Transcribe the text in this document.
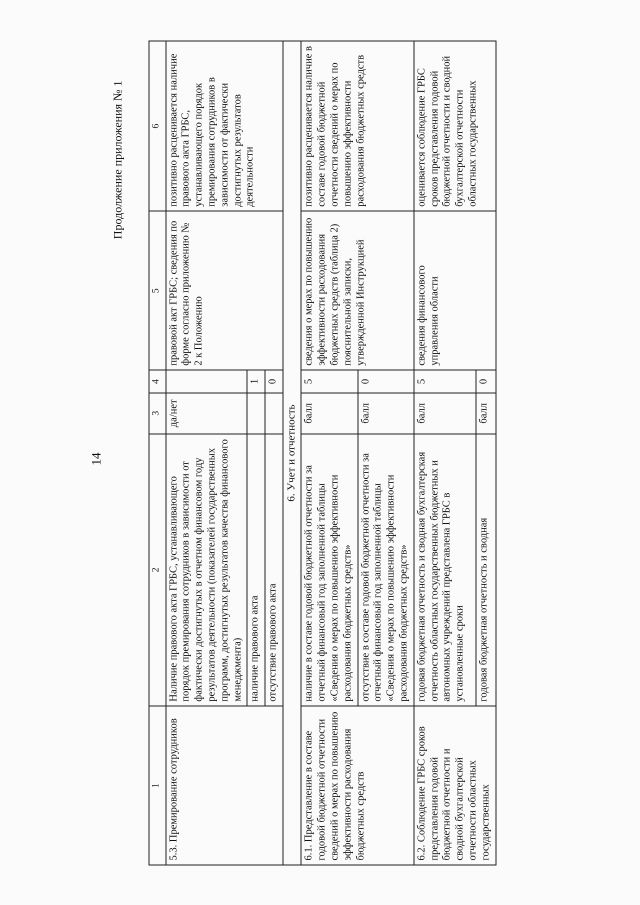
14
Продолжение приложения № 1
1	2	3	4	5	6
5.3. Премирование сотрудников	Наличие правового акта ГРБС, устанавливающего порядок премирования сотрудников в зависимости от фактически достигнутых в отчетном финансовом году результатов деятельности (показателей государственных программ, достигнутых результатов качества финансового менеджмента)	да/нет		правовой акт ГРБС; сведения по форме согласно приложению № 2 к Положению	позитивно расценивается наличие правового акта ГРБС, устанавливающего порядок премирования сотрудников в зависимости от фактически достигнутых результатов деятельности
	наличие правового акта		1		
	отсутствие правового акта		0		
6. Учет и отчетность					
6.1. Представление в составе годовой бюджетной отчетности сведений о мерах по повышению эффективности расходования бюджетных средств	наличие в составе годовой бюджетной отчетности за отчетный финансовый год заполненной таблицы «Сведения о мерах по повышению эффективности расходования бюджетных средств»	балл	5	сведения о мерах по повышению эффективности расходования бюджетных средств (таблица 2) пояснительной записки, утвержденной Инструкцией	позитивно расценивается наличие в составе годовой бюджетной отчетности сведений о мерах по повышению эффективности расходования бюджетных средств
	отсутствие в составе годовой бюджетной отчетности за отчетный финансовый год заполненной таблицы «Сведения о мерах по повышению эффективности расходования бюджетных средств»	балл	0		
6.2. Соблюдение ГРБС сроков представления годовой бюджетной отчетности и сводной бухгалтерской отчетности областных государственных	годовая бюджетная отчетность и сводная бухгалтерская отчетность областных государственных бюджетных и автономных учреждений представлена ГРБС в установленные сроки	балл	5	сведения финансового управления области	оценивается соблюдение ГРБС сроков представления годовой бюджетной отчетности и сводной бухгалтерской отчетности областных государственных
	годовая бюджетная отчетность и сводная	балл	0		
